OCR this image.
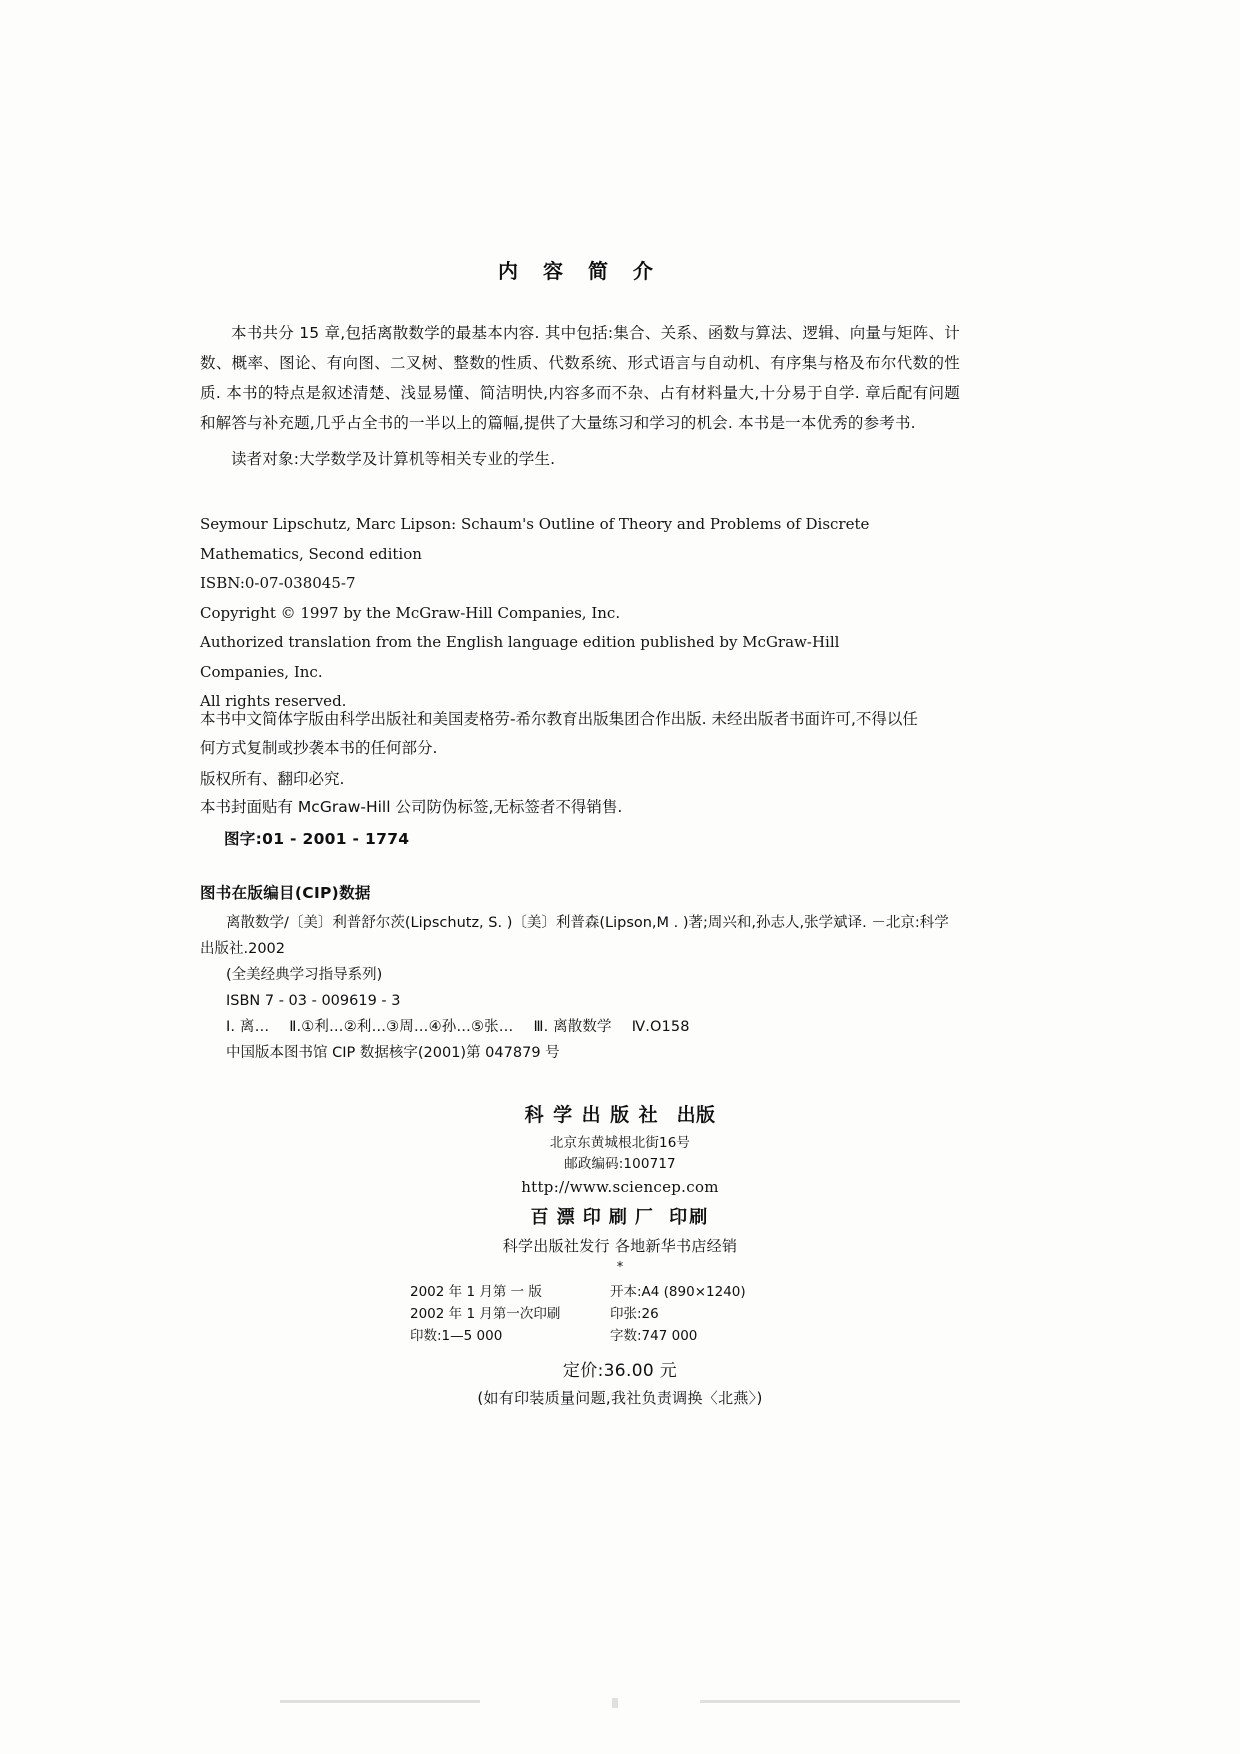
内 容 简 介

本书共分 15 章,包括离散数学的最基本内容. 其中包括:集合、关系、函数与算法、逻辑、向量与矩阵、计数、概率、图论、有向图、二叉树、整数的性质、代数系统、形式语言与自动机、有序集与格及布尔代数的性质. 本书的特点是叙述清楚、浅显易懂、简洁明快,内容多而不杂、占有材料量大,十分易于自学. 章后配有问题和解答与补充题,几乎占全书的一半以上的篇幅,提供了大量练习和学习的机会. 本书是一本优秀的参考书.

读者对象:大学数学及计算机等相关专业的学生.

Seymour Lipschutz, Marc Lipson: Schaum's Outline of Theory and Problems of Discrete Mathematics, Second edition
ISBN:0-07-038045-7
Copyright © 1997 by the McGraw-Hill Companies, Inc.
Authorized translation from the English language edition published by McGraw-Hill Companies, Inc.
All rights reserved.
本书中文简体字版由科学出版社和美国麦格劳-希尔教育出版集团合作出版. 未经出版者书面许可,不得以任何方式复制或抄袭本书的任何部分.
版权所有、翻印必究.
本书封面贴有 McGraw-Hill 公司防伪标签,无标签者不得销售.
图字:01 - 2001 - 1774
图书在版编目(CIP)数据
离散数学/〔美〕利普舒尔茨(Lipschutz, S. )〔美〕利普森(Lipson,M . )著;周兴和,孙志人,张学斌译. －北京:科学出版社.2002
(全美经典学习指导系列)
ISBN 7 - 03 - 009619 - 3
Ⅰ. 离… Ⅱ.①利…②利…③周…④孙…⑤张… Ⅲ. 离散数学 Ⅳ.O158
中国版本图书馆 CIP 数据核字(2001)第 047879 号
科学出版社 出版
北京东黄城根北街16号
邮政编码:100717
http://www.sciencep.com
百漂印刷厂 印刷
科学出版社发行 各地新华书店经销
*
2002 年 1 月第 一 版	开本:A4 (890×1240)
2002 年 1 月第一次印刷	印张:26
印数:1—5 000	字数:747 000
定价:36.00 元
(如有印装质量问题,我社负责调换〈北燕〉)
